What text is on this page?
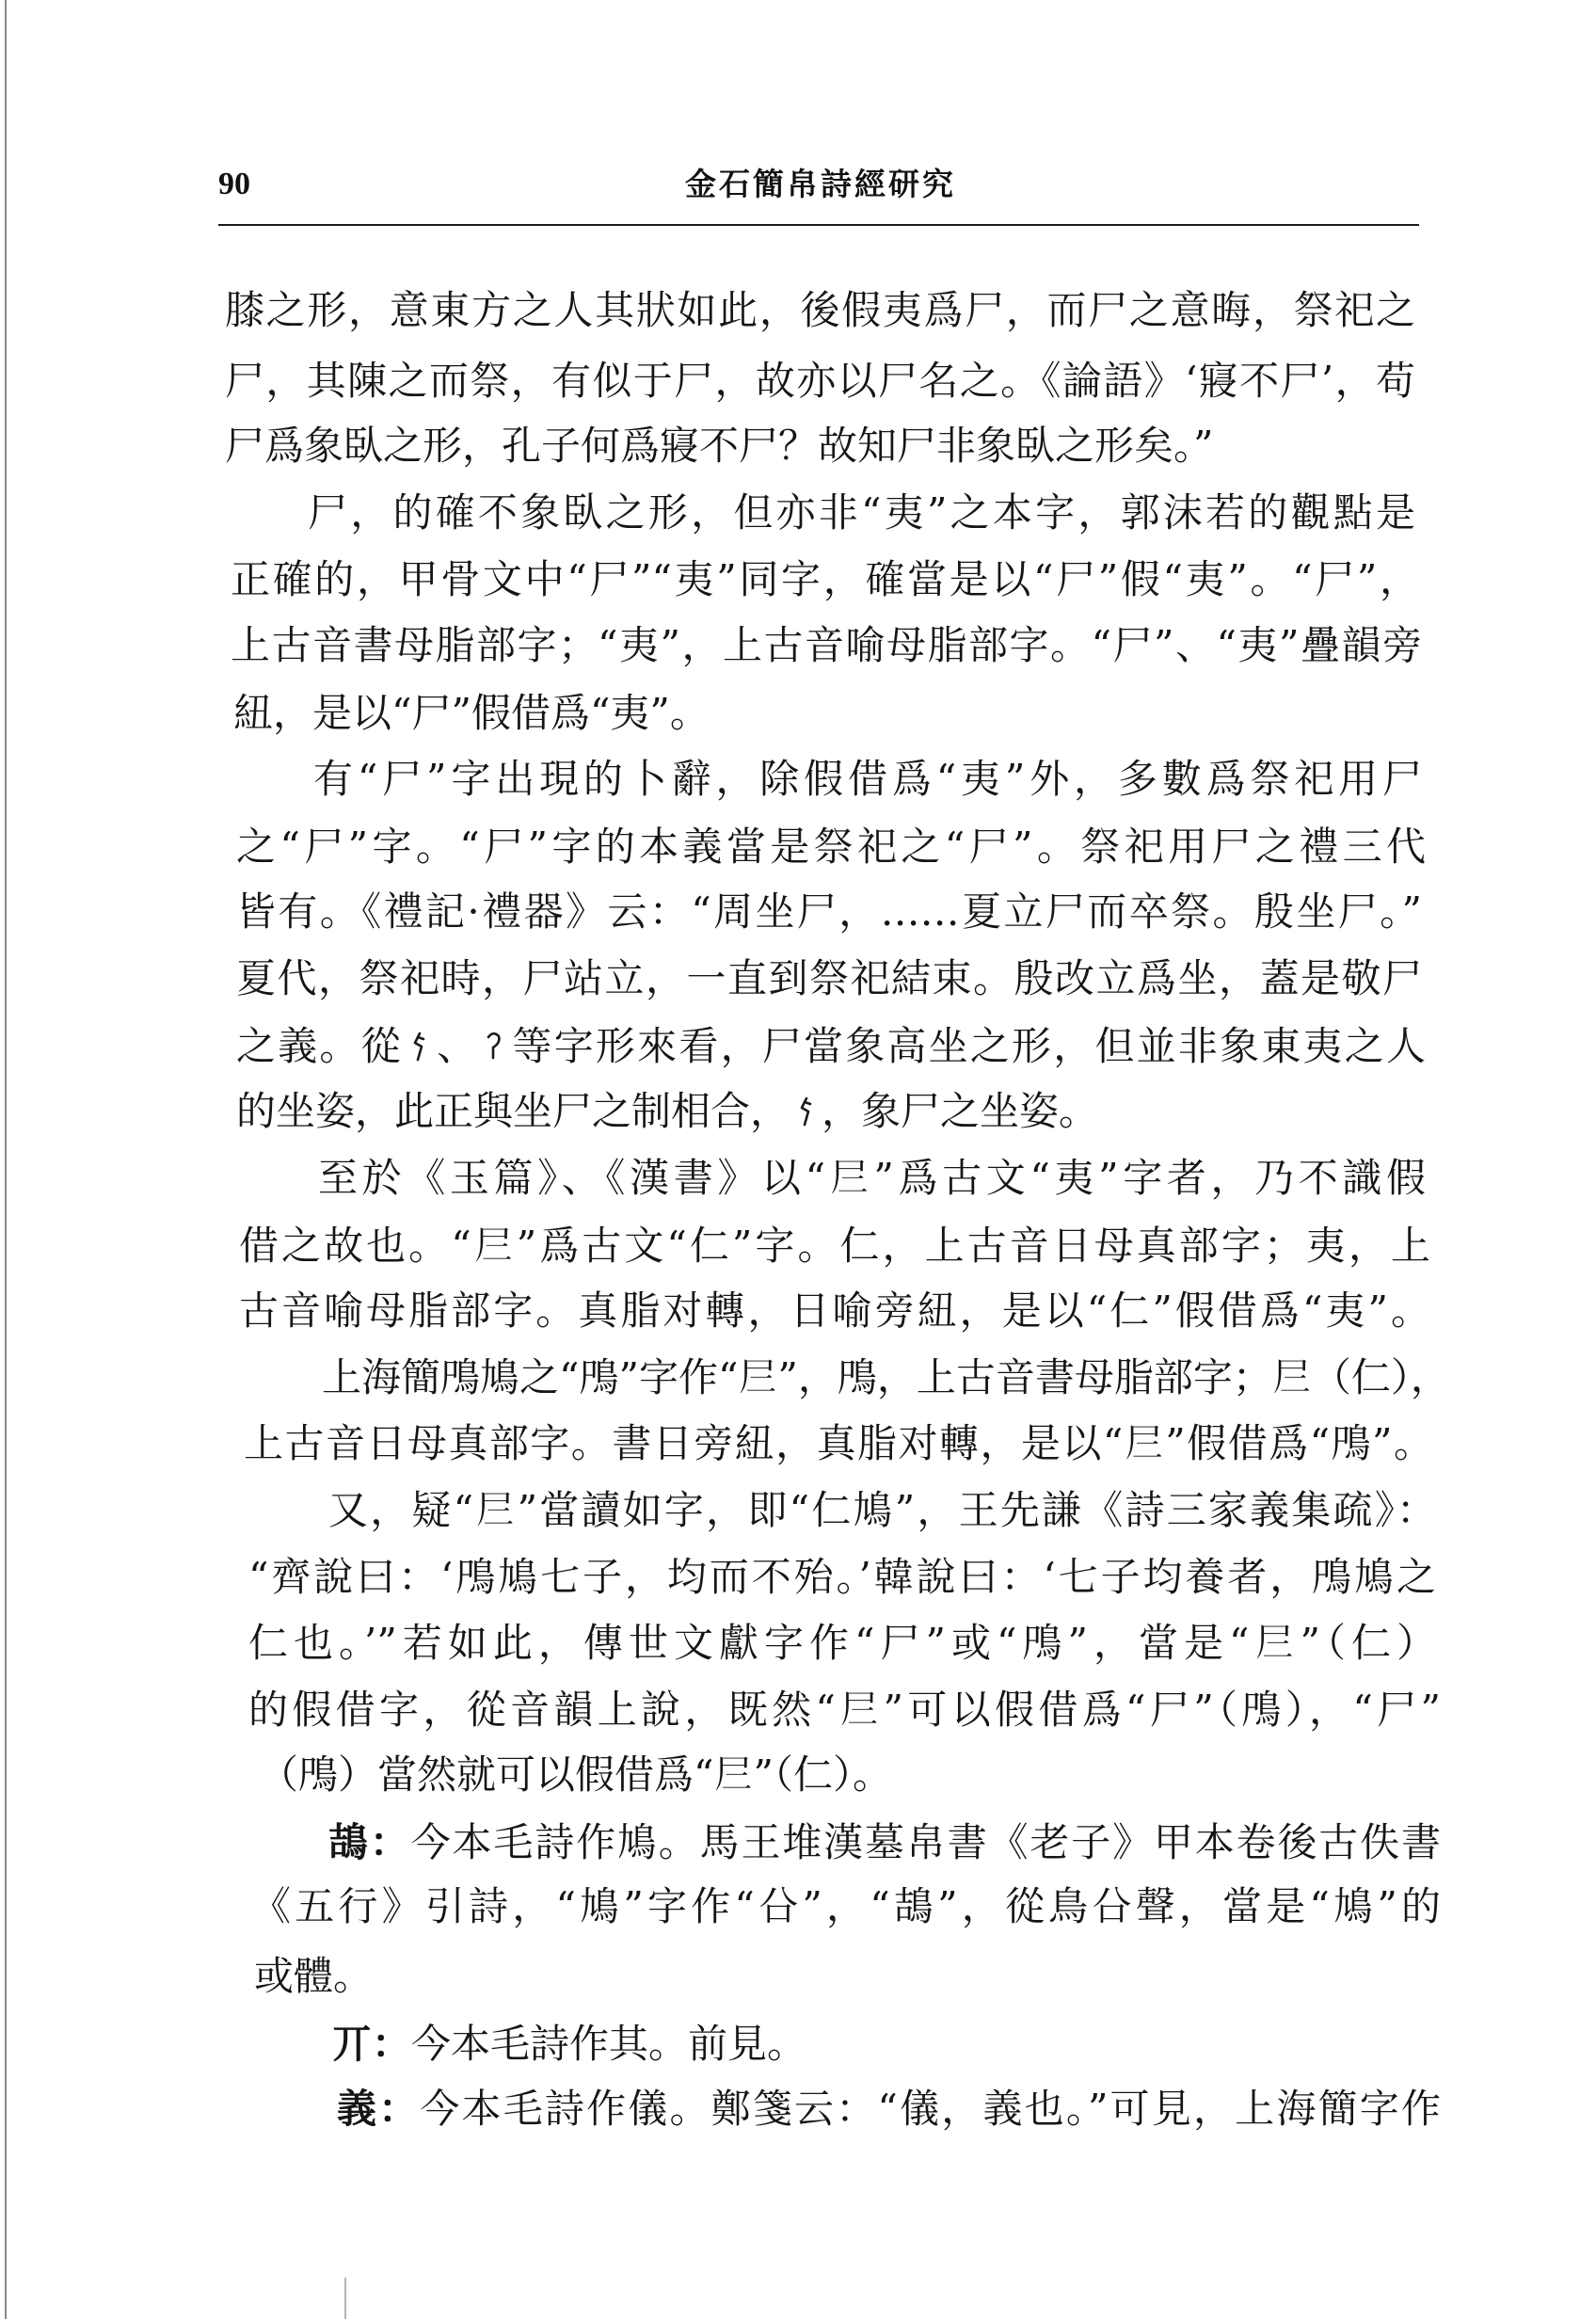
90	金石簡帛詩經研究
膝之形，意東方之人其狀如此，後假夷爲尸，而尸之意晦，祭祀之
尸，其陳之而祭，有似于尸，故亦以尸名之。《論語》‘寢不尸’，苟
尸爲象臥之形，孔子何爲寢不尸？故知尸非象臥之形矣。”
尸，的確不象臥之形，但亦非“夷”之本字，郭沫若的觀點是
正確的，甲骨文中“尸”“夷”同字，確當是以“尸”假“夷”。“尸”，
上古音書母脂部字；“夷”，上古音喻母脂部字。“尸”、“夷”疊韻旁
紐，是以“尸”假借爲“夷”。
有“尸”字出現的卜辭，除假借爲“夷”外，多數爲祭祀用尸
之“尸”字。“尸”字的本義當是祭祀之“尸”。祭祀用尸之禮三代
皆有。《禮記·禮器》云：“周坐尸，……夏立尸而卒祭。殷坐尸。”
夏代，祭祀時，尸站立，一直到祭祀結束。殷改立爲坐，蓋是敬尸
之義。從 、 等字形來看，尸當象高坐之形，但並非象東夷之人
的坐姿，此正與坐尸之制相合， ，象尸之坐姿。
至於《玉篇》、《漢書》以“𡰥”爲古文“夷”字者，乃不識假
借之故也。“𡰥”爲古文“仁”字。仁，上古音日母真部字；夷，上
古音喻母脂部字。真脂对轉，日喻旁紐，是以“仁”假借爲“夷”。
上海簡鳲鳩之“鳲”字作“𡰥”，鳲，上古音書母脂部字；𡰥（仁），
上古音日母真部字。書日旁紐，真脂对轉，是以“𡰥”假借爲“鳲”。
又，疑“𡰥”當讀如字，即“仁鳩”，王先謙《詩三家義集疏》：
“齊說曰：‘鳲鳩七子，均而不殆。’韓說曰：‘七子均養者，鳲鳩之
仁也。’”若如此，傳世文獻字作“尸”或“鳲”，當是“𡰥”（仁）
的假借字，從音韻上說，既然“𡰥”可以假借爲“尸”（鳲），“尸”
（鳲）當然就可以假借爲“𡰥”（仁）。
鴶：今本毛詩作鳩。馬王堆漢墓帛書《老子》甲本卷後古佚書
《五行》引詩，“鳩”字作“㕣”，“鴶”，從鳥㕣聲，當是“鳩”的
或體。
丌：今本毛詩作其。前見。
義：今本毛詩作儀。鄭箋云：“儀，義也。”可見，上海簡字作
